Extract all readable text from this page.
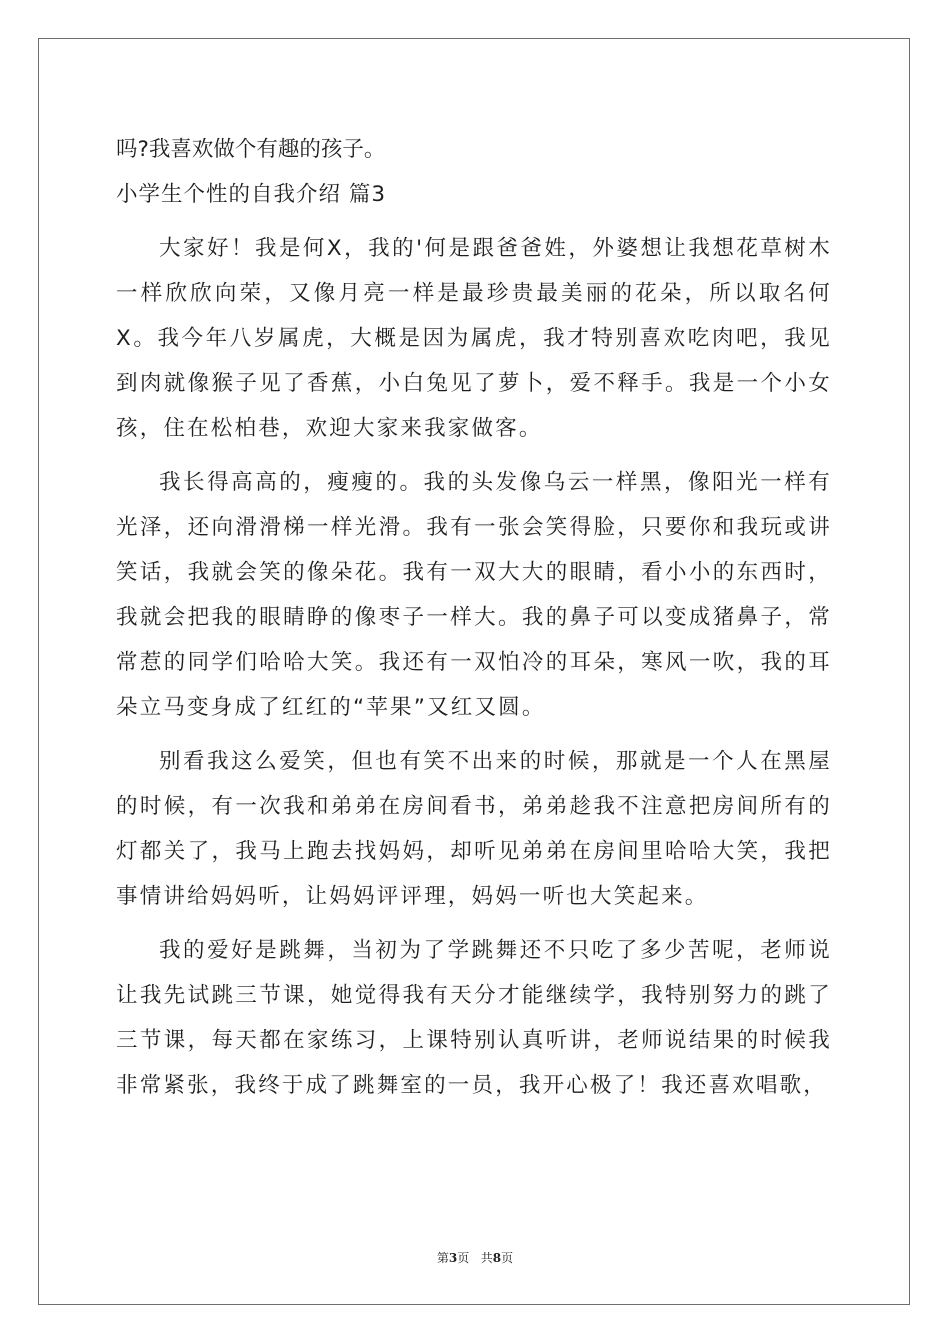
吗?我喜欢做个有趣的孩子。

小学生个性的自我介绍 篇3

大家好！我是何X，我的'何是跟爸爸姓，外婆想让我想花草树木一样欣欣向荣，又像月亮一样是最珍贵最美丽的花朵，所以取名何X。我今年八岁属虎，大概是因为属虎，我才特别喜欢吃肉吧，我见到肉就像猴子见了香蕉，小白兔见了萝卜，爱不释手。我是一个小女孩，住在松柏巷，欢迎大家来我家做客。

我长得高高的，瘦瘦的。我的头发像乌云一样黑，像阳光一样有光泽，还向滑滑梯一样光滑。我有一张会笑得脸，只要你和我玩或讲笑话，我就会笑的像朵花。我有一双大大的眼睛，看小小的东西时，我就会把我的眼睛睁的像枣子一样大。我的鼻子可以变成猪鼻子，常常惹的同学们哈哈大笑。我还有一双怕冷的耳朵，寒风一吹，我的耳朵立马变身成了红红的“苹果”又红又圆。

别看我这么爱笑，但也有笑不出来的时候，那就是一个人在黑屋的时候，有一次我和弟弟在房间看书，弟弟趁我不注意把房间所有的灯都关了，我马上跑去找妈妈，却听见弟弟在房间里哈哈大笑，我把事情讲给妈妈听，让妈妈评评理，妈妈一听也大笑起来。

我的爱好是跳舞，当初为了学跳舞还不只吃了多少苦呢，老师说让我先试跳三节课，她觉得我有天分才能继续学，我特别努力的跳了三节课，每天都在家练习，上课特别认真听讲，老师说结果的时候我非常紧张，我终于成了跳舞室的一员，我开心极了！我还喜欢唱歌，

第3页 共8页
